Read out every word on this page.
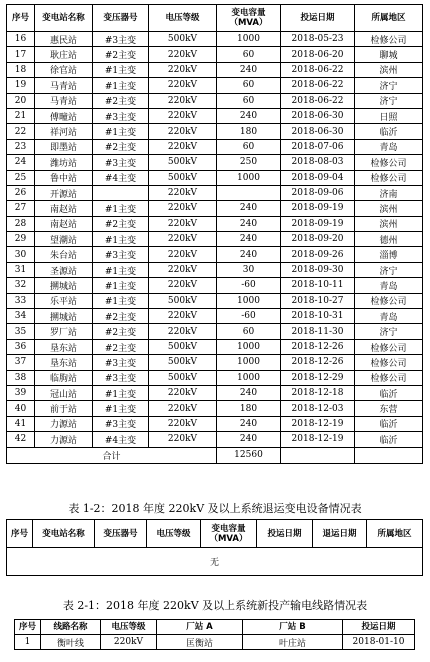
序号	变电站名称	变压器号	电压等级	变电容量
（MVA）	投运日期	所属地区
16	惠民站	#3主变	500kV	1000	2018-05-23	检修公司
17	耿庄站	#2主变	220kV	60	2018-06-20	聊城
18	徐官站	#1主变	220kV	240	2018-06-22	滨州
19	马青站	#1主变	220kV	60	2018-06-22	济宁
20	马青站	#2主变	220kV	60	2018-06-22	济宁
21	傅疃站	#3主变	220kV	240	2018-06-30	日照
22	祥河站	#1主变	220kV	180	2018-06-30	临沂
23	即墨站	#2主变	220kV	60	2018-07-06	青岛
24	潍坊站	#3主变	500kV	250	2018-08-03	检修公司
25	鲁中站	#4主变	500kV	1000	2018-09-04	检修公司
26	开源站		220kV		2018-09-06	济南
27	南赵站	#1主变	220kV	240	2018-09-19	滨州
28	南赵站	#2主变	220kV	240	2018-09-19	滨州
29	望潮站	#1主变	220kV	240	2018-09-20	德州
30	朱台站	#3主变	220kV	240	2018-09-26	淄博
31	圣源站	#1主变	220kV	30	2018-09-30	济宁
32	搠城站	#1主变	220kV	-60	2018-10-11	青岛
33	乐平站	#1主变	500kV	1000	2018-10-27	检修公司
34	搠城站	#2主变	220kV	-60	2018-10-31	青岛
35	罗厂站	#2主变	220kV	60	2018-11-30	济宁
36	垦东站	#2主变	500kV	1000	2018-12-26	检修公司
37	垦东站	#3主变	500kV	1000	2018-12-26	检修公司
38	临朐站	#3主变	500kV	1000	2018-12-29	检修公司
39	冠山站	#1主变	220kV	240	2018-12-18	临沂
40	前于站	#1主变	220kV	180	2018-12-03	东营
41	力源站	#3主变	220kV	240	2018-12-19	临沂
42	力源站	#4主变	220kV	240	2018-12-19	临沂
合计				12560		
表 1-2：2018 年度 220kV 及以上系统退运变电设备情况表
序号	变电站名称	变压器号	电压等级	变电容量
（MVA）	投运日期	退运日期	所属地区
无
表 2-1：2018 年度 220kV 及以上系统新投产输电线路情况表
序号	线路名称	电压等级	厂站 A	厂站 B	投运日期
1	衡叶线	220kV	匡衡站	叶庄站	2018-01-10
